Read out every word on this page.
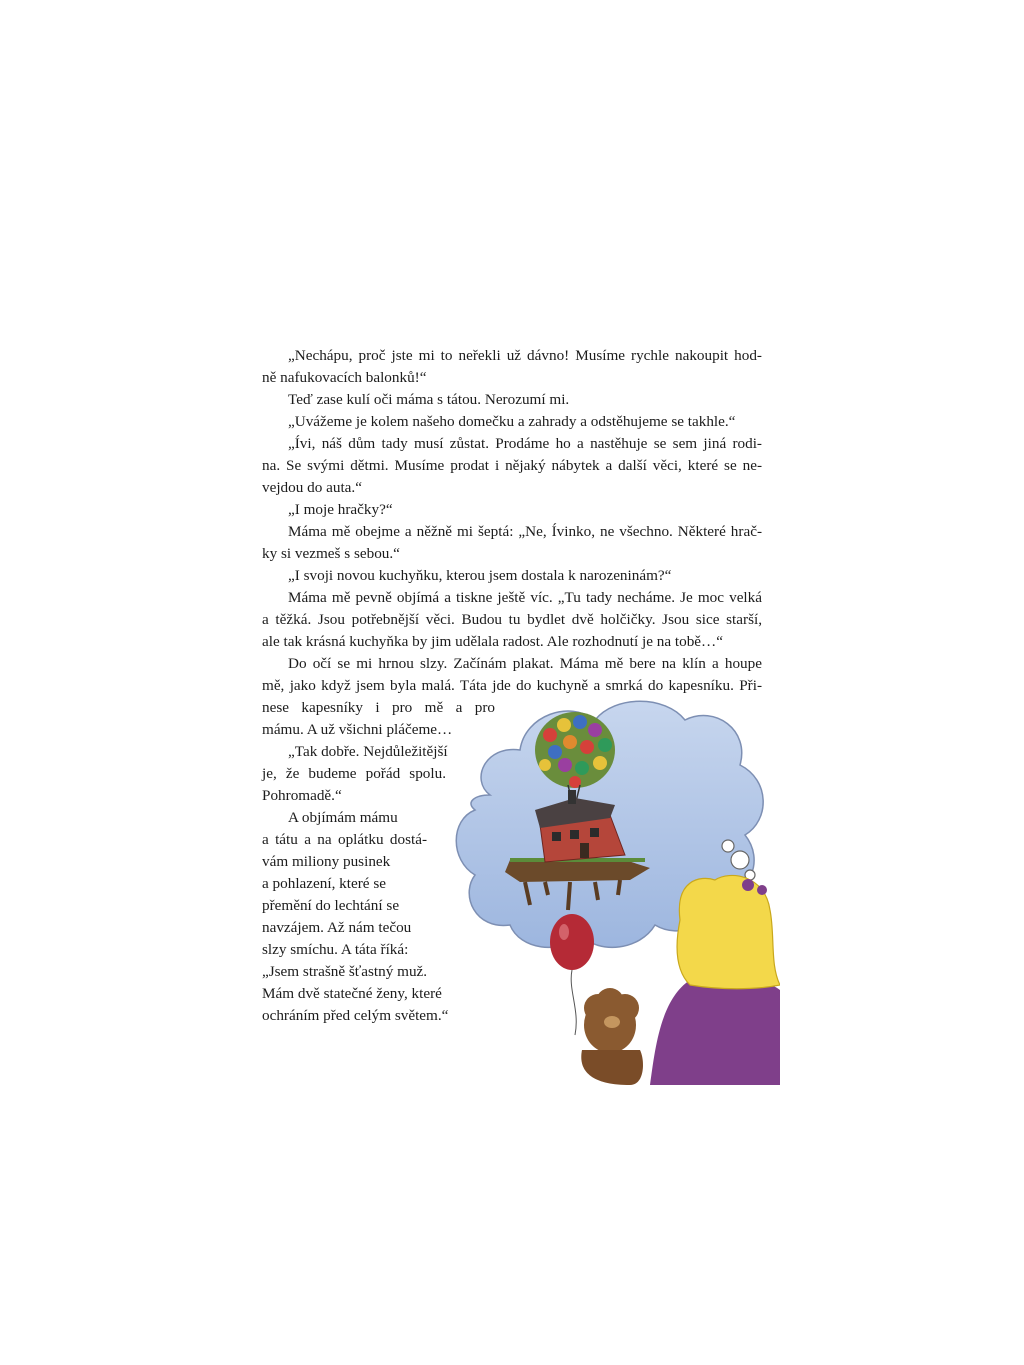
„Nechápu, proč jste mi to neřekli už dávno! Musíme rychle nakoupit hod-
ně nafukovacích balonků!“
Teď zase kulí oči máma s tátou. Nerozumí mi.
„Uvážeme je kolem našeho domečku a zahrady a odstěhujeme se takhle.“
„Ívi, náš dům tady musí zůstat. Prodáme ho a nastěhuje se sem jiná rodi-
na. Se svými dětmi. Musíme prodat i nějaký nábytek a další věci, které se ne-
vejdou do auta.“
„I moje hračky?“
Máma mě obejme a něžně mi šeptá: „Ne, Ívinko, ne všechno. Některé hrač-
ky si vezmeš s sebou.“
„I svoji novou kuchyňku, kterou jsem dostala k narozeninám?“
Máma mě pevně objímá a tiskne ještě víc. „Tu tady necháme. Je moc velká
a těžká. Jsou potřebnější věci. Budou tu bydlet dvě holčičky. Jsou sice starší,
ale tak krásná kuchyňka by jim udělala radost. Ale rozhodnutí je na tobě…“
Do očí se mi hrnou slzy. Začínám plakat. Máma mě bere na klín a houpe
mě, jako když jsem byla malá. Táta jde do kuchyně a smrká do kapesníku. Při-
nese kapesníky i pro mě a pro
mámu. A už všichni pláčeme…
„Tak dobře. Nejdůležitější
je, že budeme pořád spolu.
Pohromadě.“
A objímám mámu
a tátu a na oplátku dostá-
vám miliony pusinek
a pohlazení, které se
přemění do lechtání se
navzájem. Až nám tečou
slzy smíchu. A táta říká:
„Jsem strašně šťastný muž.
Mám dvě statečné ženy, které
ochráním před celým světem.“
